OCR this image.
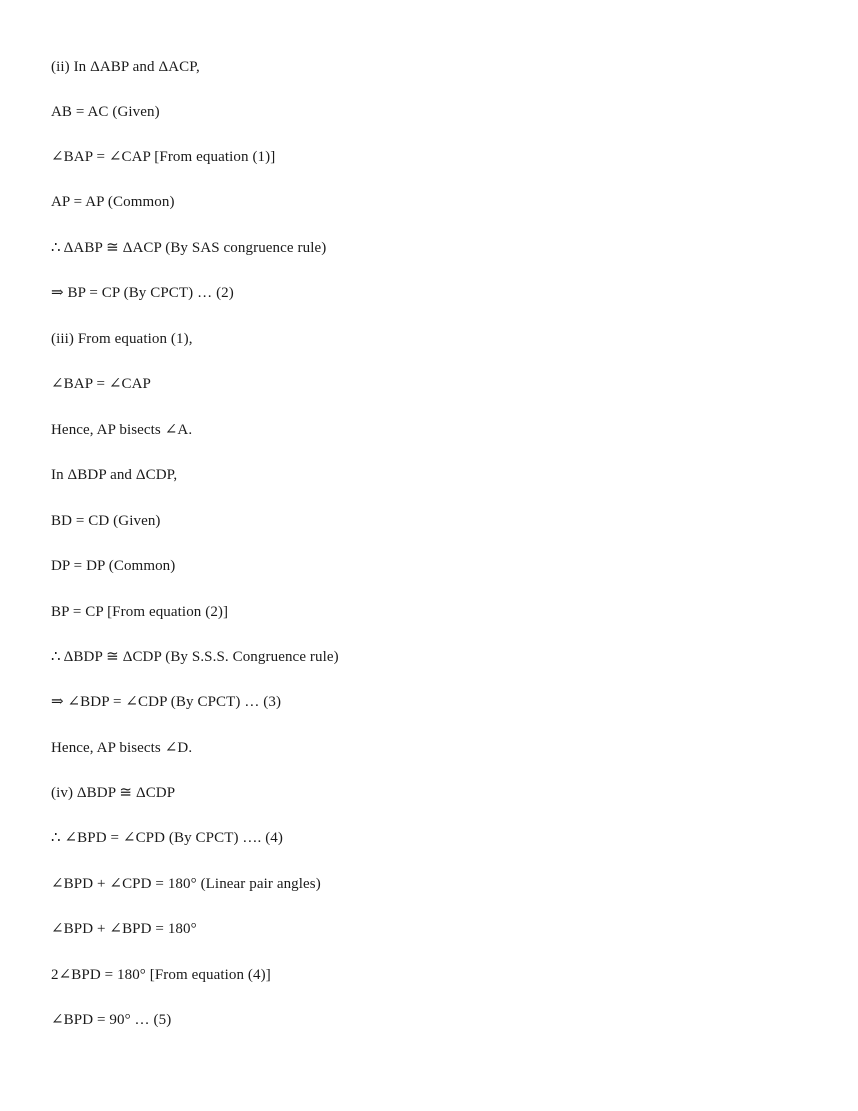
(ii) In ΔABP and ΔACP,
AB = AC (Given)
∠BAP = ∠CAP [From equation (1)]
AP = AP (Common)
∴ ΔABP ≅ ΔACP (By SAS congruence rule)
⇒ BP = CP (By CPCT) … (2)
(iii) From equation (1),
∠BAP = ∠CAP
Hence, AP bisects ∠A.
In ΔBDP and ΔCDP,
BD = CD (Given)
DP = DP (Common)
BP = CP [From equation (2)]
∴ ΔBDP ≅ ΔCDP (By S.S.S. Congruence rule)
⇒ ∠BDP = ∠CDP (By CPCT) … (3)
Hence, AP bisects ∠D.
(iv) ΔBDP ≅ ΔCDP
∴ ∠BPD = ∠CPD (By CPCT) …. (4)
∠BPD + ∠CPD = 180° (Linear pair angles)
∠BPD + ∠BPD = 180°
2∠BPD = 180° [From equation (4)]
∠BPD = 90° … (5)
